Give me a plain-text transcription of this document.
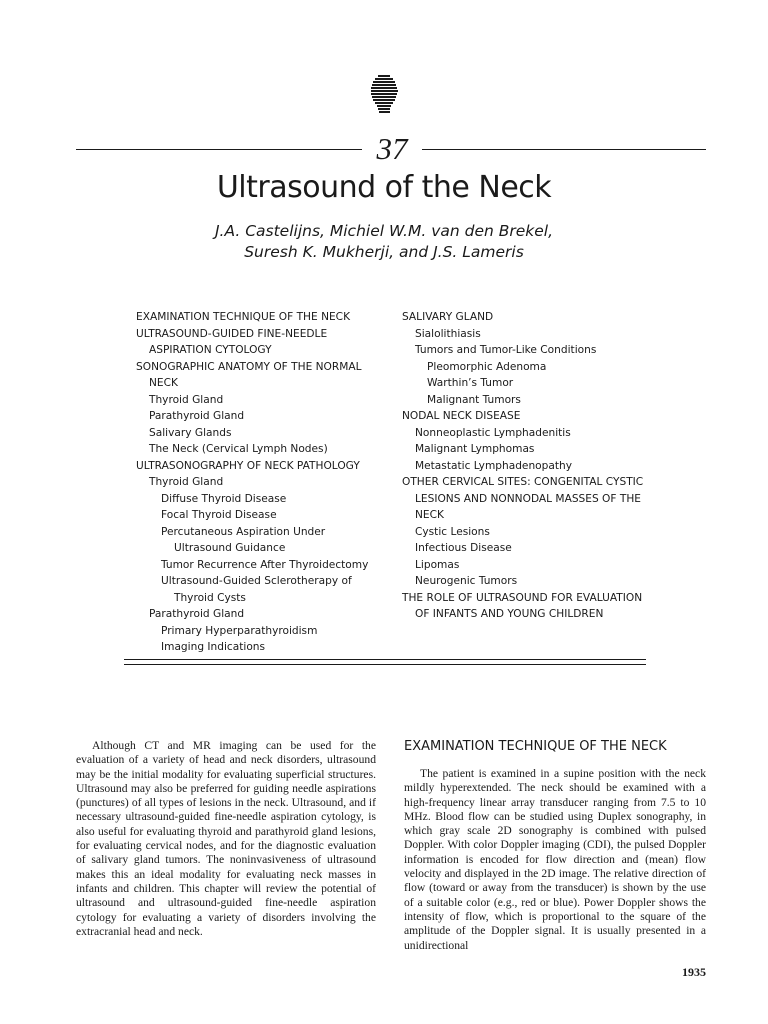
37
Ultrasound of the Neck
J.A. Castelijns, Michiel W.M. van den Brekel,
Suresh K. Mukherji, and J.S. Lameris
EXAMINATION TECHNIQUE OF THE NECK
ULTRASOUND-GUIDED FINE-NEEDLE ASPIRATION CYTOLOGY
SONOGRAPHIC ANATOMY OF THE NORMAL NECK
Thyroid Gland
Parathyroid Gland
Salivary Glands
The Neck (Cervical Lymph Nodes)
ULTRASONOGRAPHY OF NECK PATHOLOGY
Thyroid Gland
Diffuse Thyroid Disease
Focal Thyroid Disease
Percutaneous Aspiration Under Ultrasound Guidance
Tumor Recurrence After Thyroidectomy
Ultrasound-Guided Sclerotherapy of Thyroid Cysts
Parathyroid Gland
Primary Hyperparathyroidism
Imaging Indications
SALIVARY GLAND
Sialolithiasis
Tumors and Tumor-Like Conditions
Pleomorphic Adenoma
Warthin’s Tumor
Malignant Tumors
NODAL NECK DISEASE
Nonneoplastic Lymphadenitis
Malignant Lymphomas
Metastatic Lymphadenopathy
OTHER CERVICAL SITES: CONGENITAL CYSTIC LESIONS AND NONNODAL MASSES OF THE NECK
Cystic Lesions
Infectious Disease
Lipomas
Neurogenic Tumors
THE ROLE OF ULTRASOUND FOR EVALUATION OF INFANTS AND YOUNG CHILDREN

Although CT and MR imaging can be used for the evaluation of a variety of head and neck disorders, ultrasound may be the initial modality for evaluating superficial structures. Ultrasound may also be preferred for guiding needle aspirations (punctures) of all types of lesions in the neck. Ultrasound, and if necessary ultrasound-guided fine-needle aspiration cytology, is also useful for evaluating thyroid and parathyroid gland lesions, for evaluating cervical nodes, and for the diagnostic evaluation of salivary gland tumors. The noninvasiveness of ultrasound makes this an ideal modality for evaluating neck masses in infants and children. This chapter will review the potential of ultrasound and ultrasound-guided fine-needle aspiration cytology for evaluating a variety of disorders involving the extracranial head and neck.

EXAMINATION TECHNIQUE OF THE NECK

The patient is examined in a supine position with the neck mildly hyperextended. The neck should be examined with a high-frequency linear array transducer ranging from 7.5 to 10 MHz. Blood flow can be studied using Duplex sonography, in which gray scale 2D sonography is combined with pulsed Doppler. With color Doppler imaging (CDI), the pulsed Doppler information is encoded for flow direction and (mean) flow velocity and displayed in the 2D image. The relative direction of flow (toward or away from the transducer) is shown by the use of a suitable color (e.g., red or blue). Power Doppler shows the intensity of flow, which is proportional to the square of the amplitude of the Doppler signal. It is usually presented in a unidirectional

1935
